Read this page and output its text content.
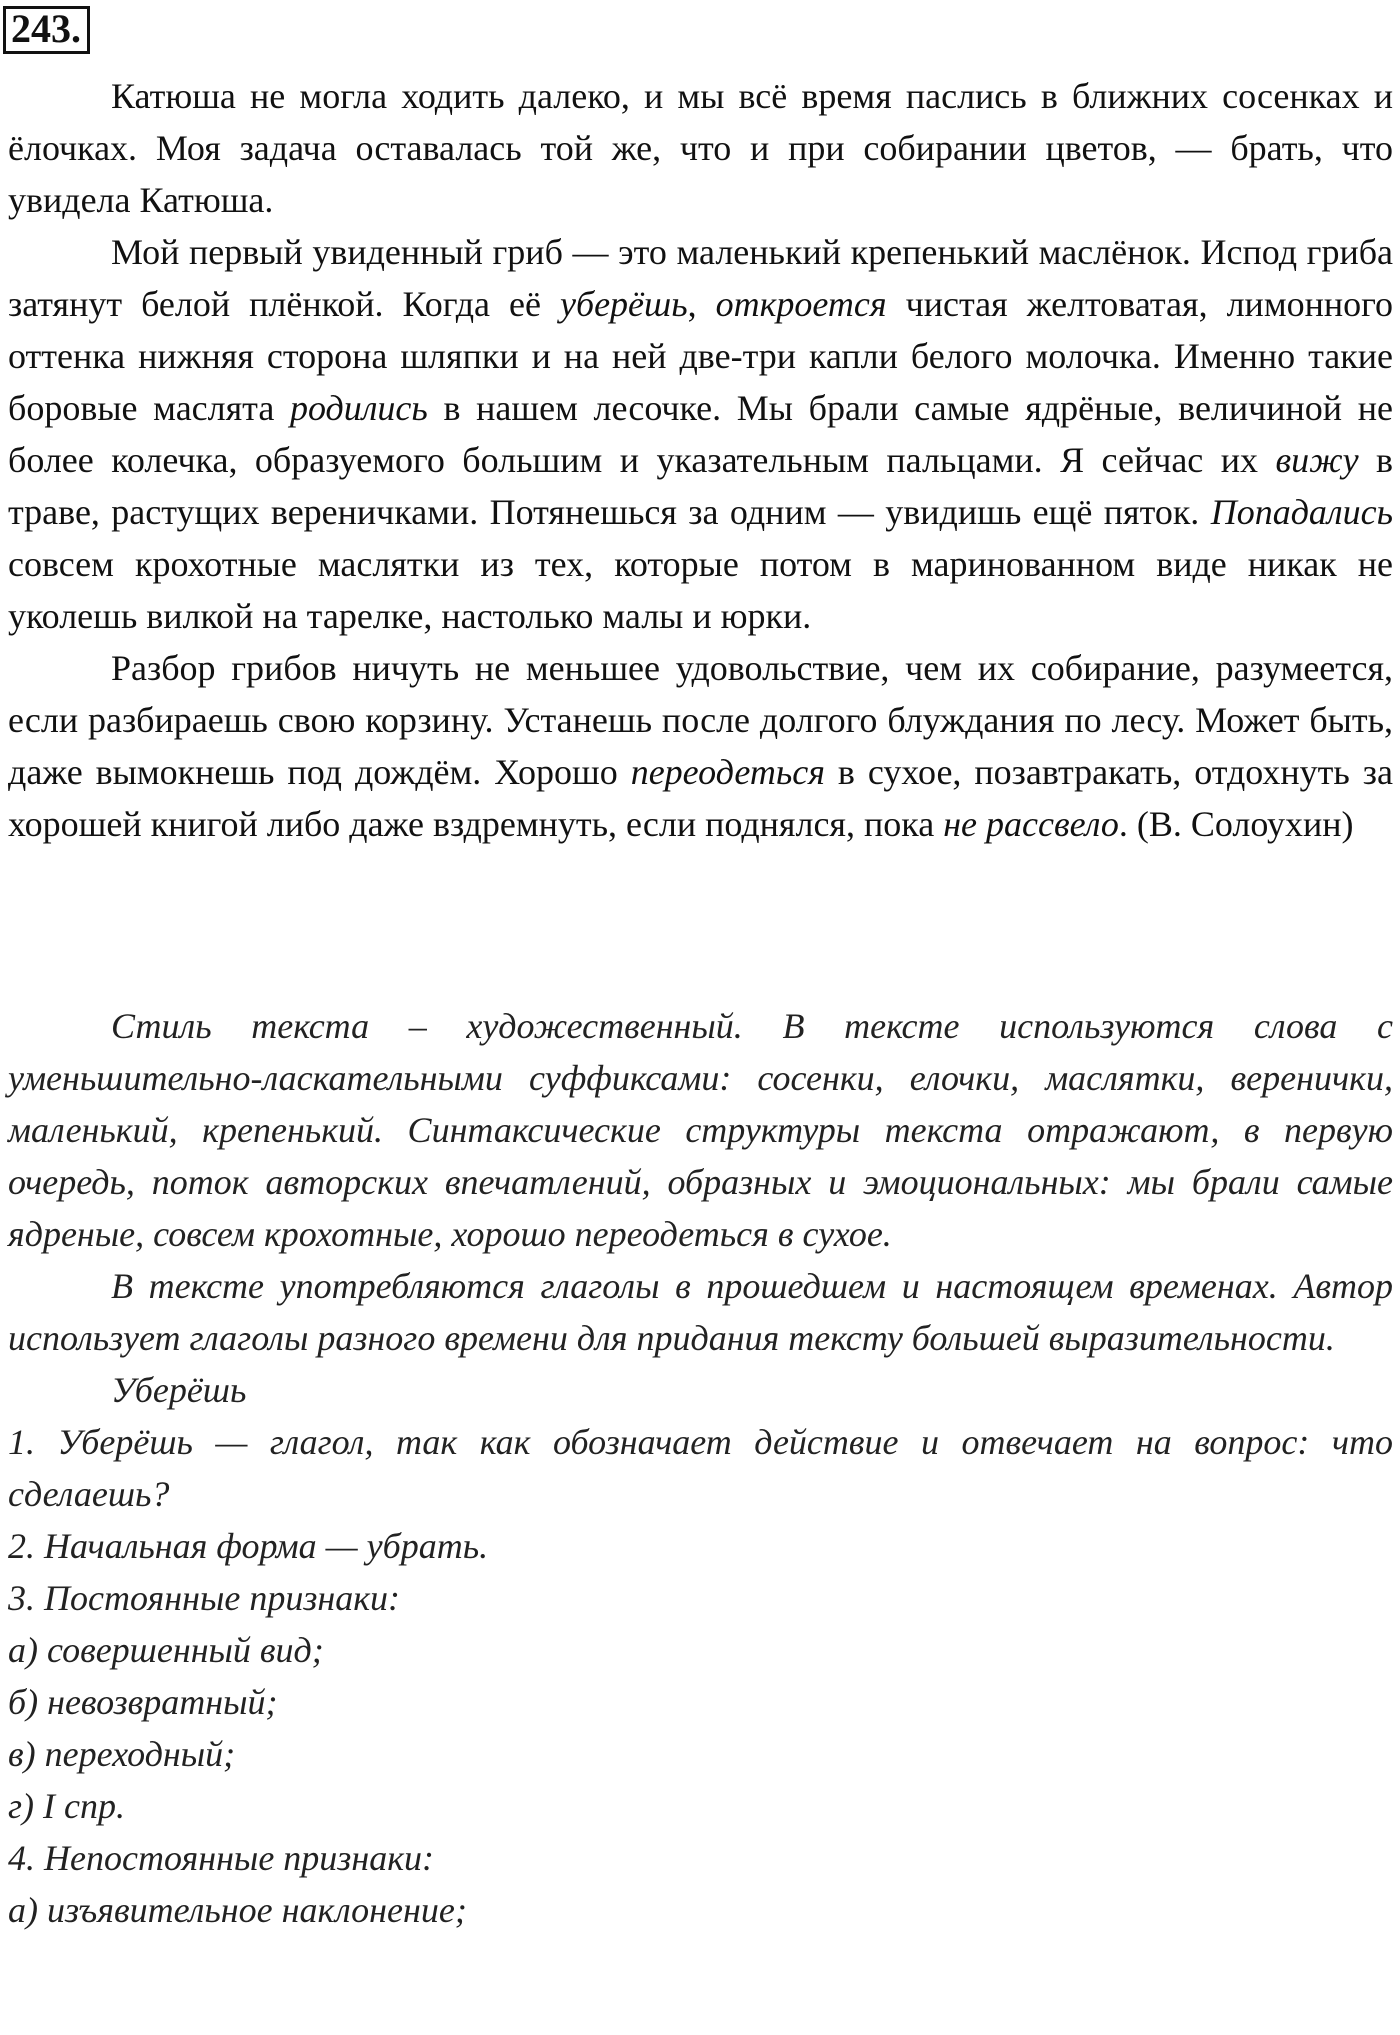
243.

Катюша не могла ходить далеко, и мы всё время паслись в ближних сосенках и ёлочках. Моя задача оставалась той же, что и при собирании цветов, — брать, что увидела Катюша.

Мой первый увиденный гриб — это маленький крепенький маслёнок. Испод гриба затянут белой плёнкой. Когда её уберёшь, откроется чистая желтоватая, лимонного оттенка нижняя сторона шляпки и на ней две-три капли белого молочка. Именно такие боровые маслята родились в нашем лесочке. Мы брали самые ядрёные, величиной не более колечка, образуемого большим и указательным пальцами. Я сейчас их вижу в траве, растущих вереничками. Потянешься за одним — увидишь ещё пяток. Попадались совсем крохотные маслятки из тех, которые потом в маринованном виде никак не уколешь вилкой на тарелке, настолько малы и юрки.

Разбор грибов ничуть не меньшее удовольствие, чем их собирание, разумеется, если разбираешь свою корзину. Устанешь после долгого блуждания по лесу. Может быть, даже вымокнешь под дождём. Хорошо переодеться в сухое, позавтракать, отдохнуть за хорошей книгой либо даже вздремнуть, если поднялся, пока не рассвело. (В. Солоухин)

Стиль текста – художественный. В тексте используются слова с уменьшительно-ласкательными суффиксами: сосенки, елочки, маслятки, веренички, маленький, крепенький. Синтаксические структуры текста отражают, в первую очередь, поток авторских впечатлений, образных и эмоциональных: мы брали самые ядреные, совсем крохотные, хорошо переодеться в сухое.

В тексте употребляются глаголы в прошедшем и настоящем временах. Автор использует глаголы разного времени для придания тексту большей выразительности.

Уберёшь

1. Уберёшь — глагол, так как обозначает действие и отвечает на вопрос: что сделаешь?

2. Начальная форма — убрать.

3. Постоянные признаки:

а) совершенный вид;

б) невозвратный;

в) переходный;

г) I спр.

4. Непостоянные признаки:

а) изъявительное наклонение;
